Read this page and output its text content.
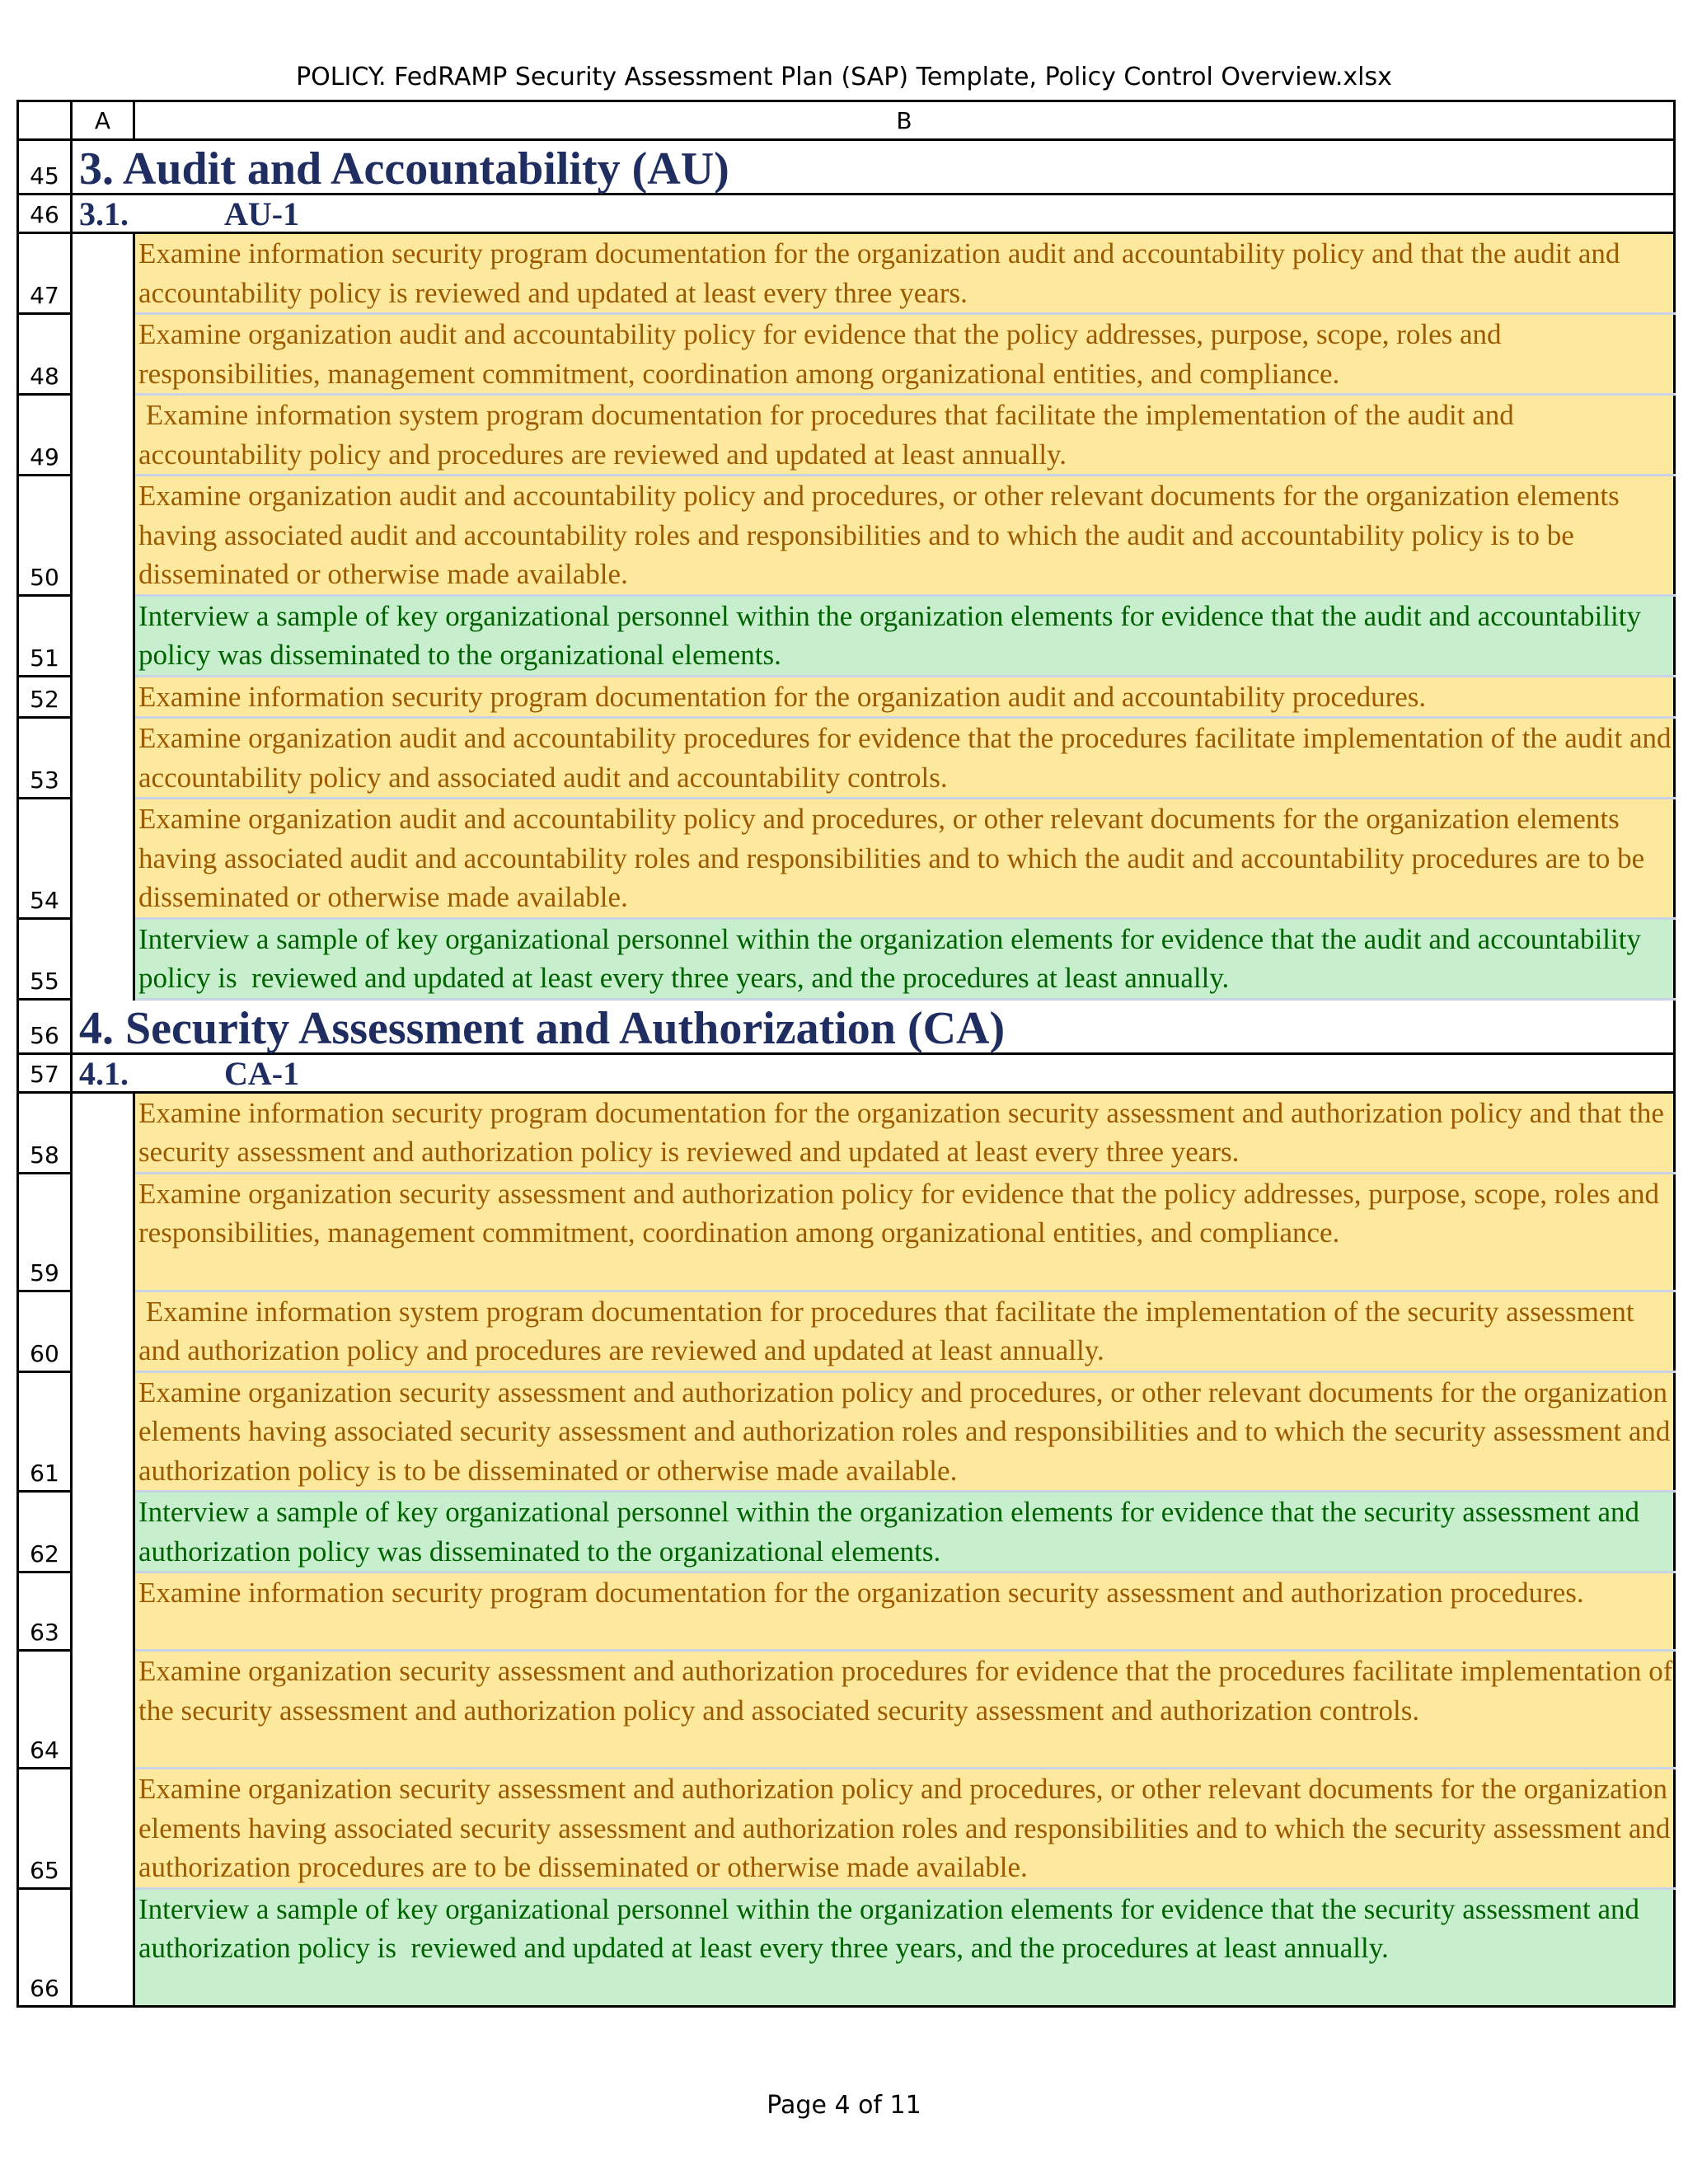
POLICY. FedRAMP Security Assessment Plan (SAP) Template, Policy Control Overview.xlsx
	A	B
45	3. Audit and Accountability (AU)	
46	3.1. AU-1	
47		Examine information security program documentation for the organization audit and accountability policy and that the audit and accountability policy is reviewed and updated at least every three years.
48		Examine organization audit and accountability policy for evidence that the policy addresses, purpose, scope, roles and responsibilities, management commitment, coordination among organizational entities, and compliance.
49		Examine information system program documentation for procedures that facilitate the implementation of the audit and accountability policy and procedures are reviewed and updated at least annually.
50		Examine organization audit and accountability policy and procedures, or other relevant documents for the organization elements having associated audit and accountability roles and responsibilities and to which the audit and accountability policy is to be disseminated or otherwise made available.
51		Interview a sample of key organizational personnel within the organization elements for evidence that the audit and accountability policy was disseminated to the organizational elements.
52		Examine information security program documentation for the organization audit and accountability procedures.
53		Examine organization audit and accountability procedures for evidence that the procedures facilitate implementation of the audit and accountability policy and associated audit and accountability controls.
54		Examine organization audit and accountability policy and procedures, or other relevant documents for the organization elements having associated audit and accountability roles and responsibilities and to which the audit and accountability procedures are to be disseminated or otherwise made available.
55		Interview a sample of key organizational personnel within the organization elements for evidence that the audit and accountability policy is  reviewed and updated at least every three years, and the procedures at least annually.
56	4. Security Assessment and Authorization (CA)	
57	4.1. CA-1	
58		Examine information security program documentation for the organization security assessment and authorization policy and that the security assessment and authorization policy is reviewed and updated at least every three years.
59		Examine organization security assessment and authorization policy for evidence that the policy addresses, purpose, scope, roles and responsibilities, management commitment, coordination among organizational entities, and compliance.
60		Examine information system program documentation for procedures that facilitate the implementation of the security assessment and authorization policy and procedures are reviewed and updated at least annually.
61		Examine organization security assessment and authorization policy and procedures, or other relevant documents for the organization elements having associated security assessment and authorization roles and responsibilities and to which the security assessment and authorization policy is to be disseminated or otherwise made available.
62		Interview a sample of key organizational personnel within the organization elements for evidence that the security assessment and authorization policy was disseminated to the organizational elements.
63		Examine information security program documentation for the organization security assessment and authorization procedures.
64		Examine organization security assessment and authorization procedures for evidence that the procedures facilitate implementation of the security assessment and authorization policy and associated security assessment and authorization controls.
65		Examine organization security assessment and authorization policy and procedures, or other relevant documents for the organization elements having associated security assessment and authorization roles and responsibilities and to which the security assessment and authorization procedures are to be disseminated or otherwise made available.
66		Interview a sample of key organizational personnel within the organization elements for evidence that the security assessment and authorization policy is  reviewed and updated at least every three years, and the procedures at least annually.
Page 4 of 11
